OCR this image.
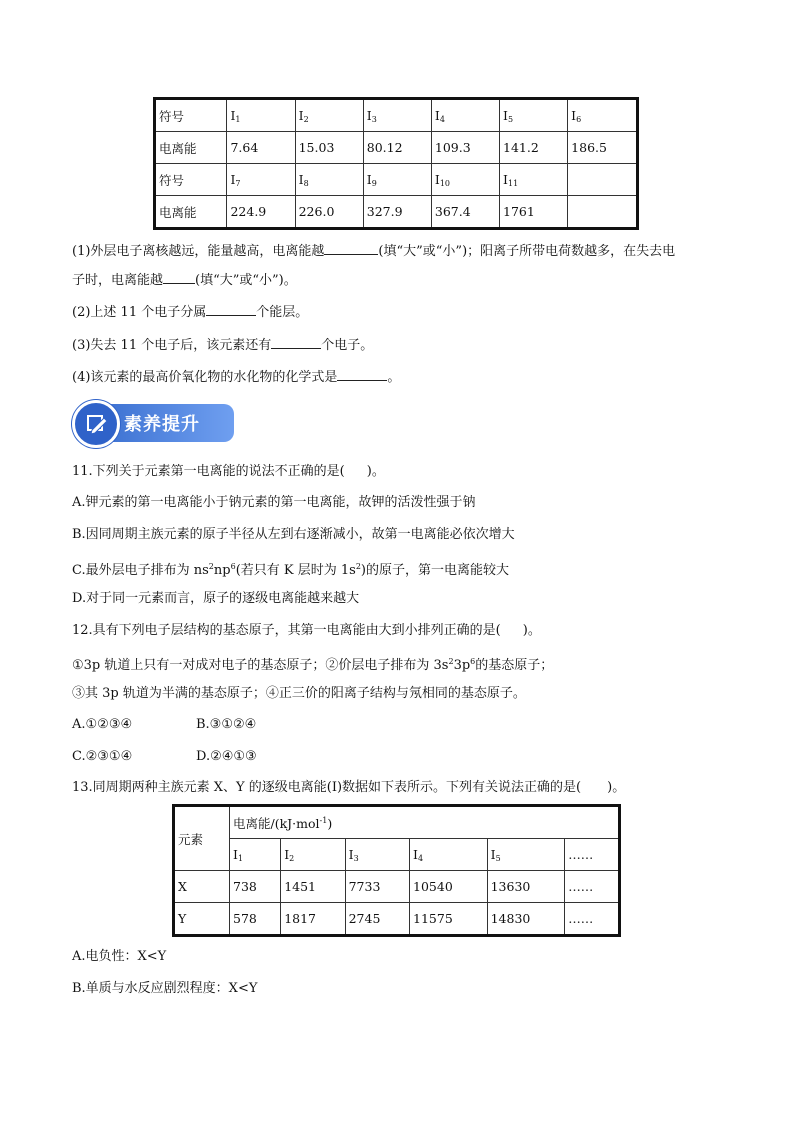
符号	$I_1$	$I_2$	$I_3$	$I_4$	$I_5$	$I_6$
电离能	7.64	15.03	80.12	109.3	141.2	186.5
符号	$I_7$	$I_8$	$I_9$	$I_{10}$	$I_{11}$	
电离能	224.9	226.0	327.9	367.4	1761	
(1)外层电子离核越远，能量越高，电离能越	(填“大”或“小”)；阳离子所带电荷数越多，在失去电
子时，电离能越 (填“大”或“小”)。
(2)上述 11 个电子分属	个能层。
(3)失去 11 个电子后，该元素还有	个电子。
(4)该元素的最高价氧化物的水化物的化学式是	。
素养提升
11.下列关于元素第一电离能的说法不正确的是( )。
A.钾元素的第一电离能小于钠元素的第一电离能，故钾的活泼性强于钠
B.因同周期主族元素的原子半径从左到右逐渐减小，故第一电离能必依次增大
C.最外层电子排布为 $ns^2np^6$(若只有 K 层时为 $1s^2$)的原子，第一电离能较大
D.对于同一元素而言，原子的逐级电离能越来越大
12.具有下列电子层结构的基态原子，其第一电离能由大到小排列正确的是( )。
①3p 轨道上只有一对成对电子的基态原子；②价层电子排布为 $3s^23p^6$的基态原子；
③其 3p 轨道为半满的基态原子；④正三价的阳离子结构与氖相同的基态原子。
A.①②③④	B.③①②④
C.②③①④	D.②④①③
13.同周期两种主族元素 X、Y 的逐级电离能(I)数据如下表所示。下列有关说法正确的是( )。
元素	电离能/(kJ·mol$^{-1}$)					
	$I_1$	$I_2$	$I_3$	$I_4$	$I_5$	……
X	738	1451	7733	10540	13630	……
Y	578	1817	2745	11575	14830	……
A.电负性：X<Y
B.单质与水反应剧烈程度：X<Y
